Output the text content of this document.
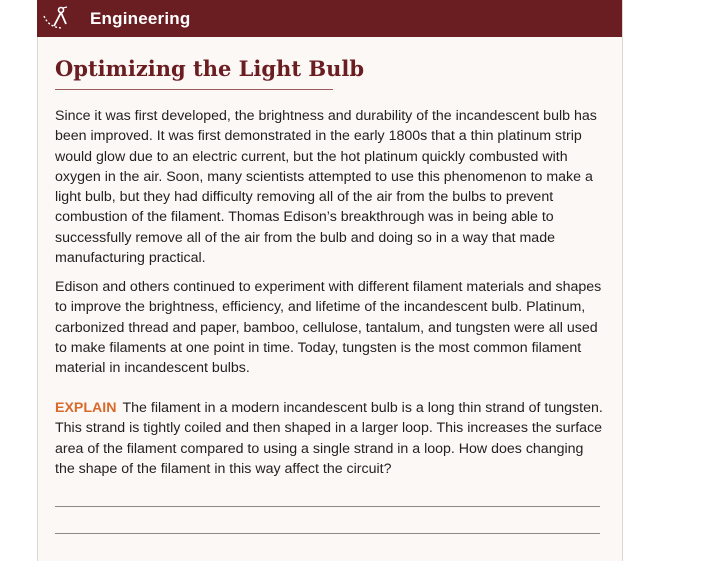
Engineering
Optimizing the Light Bulb

Since it was first developed, the brightness and durability of the incandescent bulb has been improved. It was first demonstrated in the early 1800s that a thin platinum strip would glow due to an electric current, but the hot platinum quickly combusted with oxygen in the air. Soon, many scientists attempted to use this phenomenon to make a light bulb, but they had difficulty removing all of the air from the bulbs to prevent combustion of the filament. Thomas Edison’s breakthrough was in being able to successfully remove all of the air from the bulb and doing so in a way that made manufacturing practical.

Edison and others continued to experiment with different filament materials and shapes to improve the brightness, efficiency, and lifetime of the incandescent bulb. Platinum, carbonized thread and paper, bamboo, cellulose, tantalum, and tungsten were all used to make filaments at one point in time. Today, tungsten is the most common filament material in incandescent bulbs.

EXPLAIN The filament in a modern incandescent bulb is a long thin strand of tungsten. This strand is tightly coiled and then shaped in a larger loop. This increases the surface area of the filament compared to using a single strand in a loop. How does changing the shape of the filament in this way affect the circuit?
